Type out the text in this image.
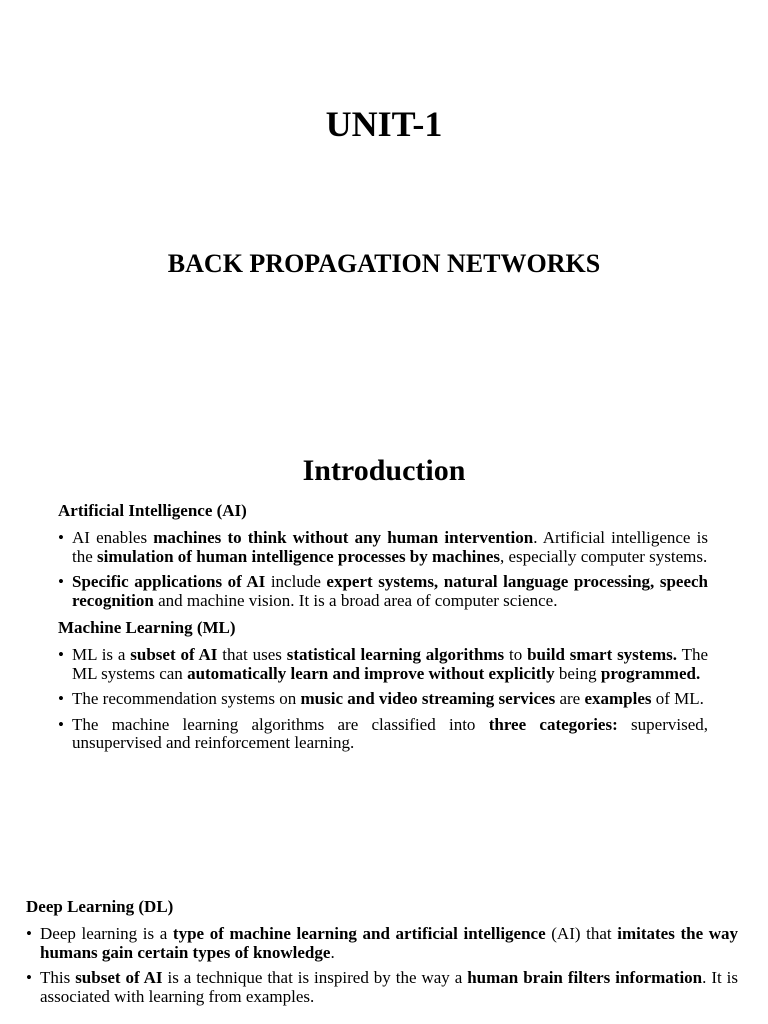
UNIT-1
BACK PROPAGATION NETWORKS
Introduction
Artificial Intelligence (AI)
• AI enables machines to think without any human intervention. Artificial intelligence is the simulation of human intelligence processes by machines, especially computer systems.
• Specific applications of AI include expert systems, natural language processing, speech recognition and machine vision. It is a broad area of computer science.
Machine Learning (ML)
• ML is a subset of AI that uses statistical learning algorithms to build smart systems. The ML systems can automatically learn and improve without explicitly being programmed.
• The recommendation systems on music and video streaming services are examples of ML.
• The machine learning algorithms are classified into three categories: supervised, unsupervised and reinforcement learning.
Deep Learning (DL)
• Deep learning is a type of machine learning and artificial intelligence (AI) that imitates the way humans gain certain types of knowledge.
• This subset of AI is a technique that is inspired by the way a human brain filters information. It is associated with learning from examples.
